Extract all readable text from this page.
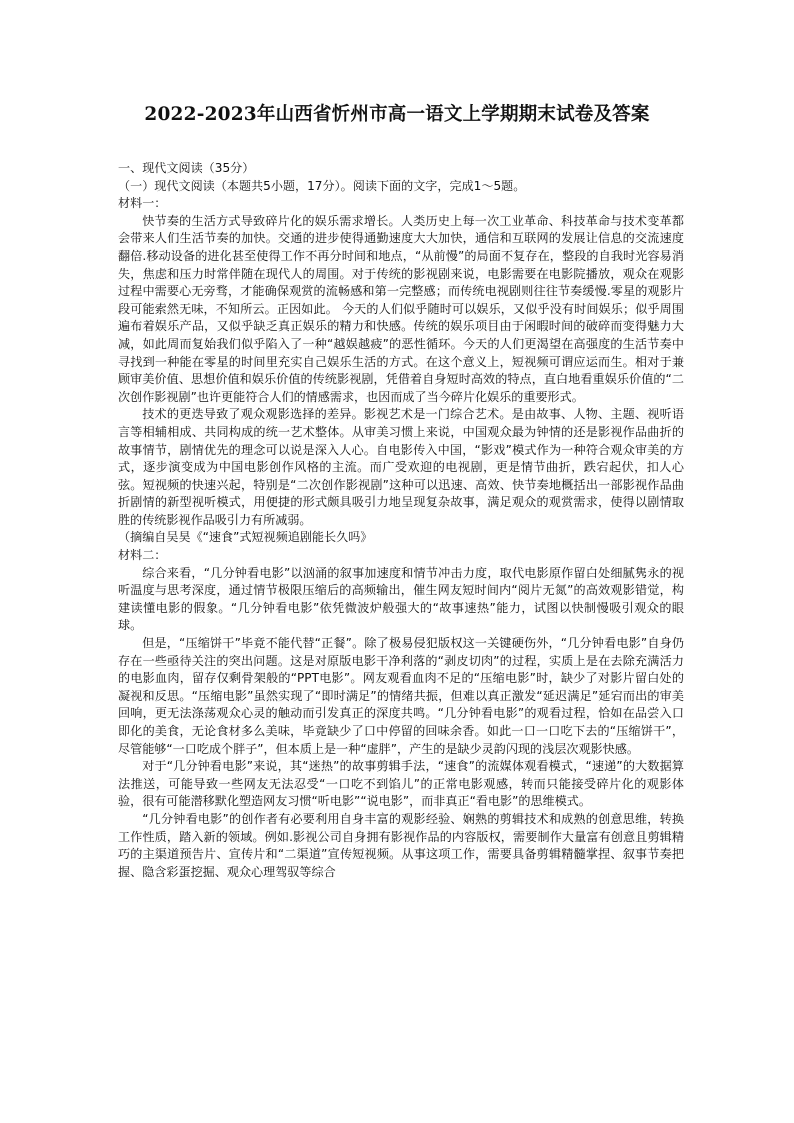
2022-2023年山西省忻州市高一语文上学期期末试卷及答案

一、现代文阅读（35分）

（一）现代文阅读（本题共5小题，17分）。阅读下面的文字，完成1～5题。

材料一：

快节奏的生活方式导致碎片化的娱乐需求增长。人类历史上每一次工业革命、科技革命与技术变革都会带来人们生活节奏的加快。交通的进步使得通勤速度大大加快，通信和互联网的发展让信息的交流速度翻倍.移动设备的进化甚至使得工作不再分时间和地点，“从前慢”的局面不复存在，整段的自我时光容易消失，焦虑和压力时常伴随在现代人的周围。对于传统的影视剧来说，电影需要在电影院播放，观众在观影过程中需要心无旁骛，才能确保观赏的流畅感和第一完整感；而传统电视剧则往往节奏缓慢.零星的观影片段可能索然无味，不知所云。正因如此。 今天的人们似乎随时可以娱乐，又似乎没有时间娱乐；似乎周围遍布着娱乐产品，又似乎缺乏真正娱乐的精力和快感。传统的娱乐项目由于闲暇时间的破碎而变得魅力大减，如此周而复始我们似乎陷入了一种“越娱越疲”的恶性循环。今天的人们更渴望在高强度的生活节奏中寻找到一种能在零星的时间里充实自己娱乐生活的方式。在这个意义上，短视频可谓应运而生。相对于兼顾审美价值、思想价值和娱乐价值的传统影视剧，凭借着自身短时高效的特点，直白地看重娱乐价值的“二次创作影视剧”也许更能符合人们的情感需求，也因而成了当今碎片化娱乐的重要形式。

技术的更迭导致了观众观影选择的差异。影视艺术是一门综合艺术。是由故事、人物、主题、视听语言等相辅相成、共同构成的统一艺术整体。从审美习惯上来说，中国观众最为钟情的还是影视作品曲折的故事情节，剧情优先的理念可以说是深入人心。自电影传入中国，“影戏”模式作为一种符合观众审美的方式，逐步演变成为中国电影创作风格的主流。而广受欢迎的电视剧，更是情节曲折，跌宕起伏，扣人心弦。短视频的快速兴起，特别是“二次创作影视剧”这种可以迅速、高效、快节奏地概括出一部影视作品曲折剧情的新型视听模式，用便捷的形式颇具吸引力地呈现复杂故事，满足观众的观赏需求，使得以剧情取胜的传统影视作品吸引力有所减弱。

（摘编自吴昊《“速食”式短视频追剧能长久吗》

材料二：

综合来看，“几分钟看电影”以汹涌的叙事加速度和情节冲击力度，取代电影原作留白处细腻隽永的视听温度与思考深度，通过情节极限压缩后的高频输出，催生网友短时间内“阅片无氮”的高效观影错觉，构建读懂电影的假象。“几分钟看电影”依凭微波炉般强大的“故事速热”能力，试图以快制慢吸引观众的眼球。

但是，“压缩饼干”毕竟不能代替“正餐”。除了极易侵犯版权这一关键硬伤外，“几分钟看电影”自身仍存在一些亟待关注的突出问题。这是对原版电影干净利落的“剥皮切肉”的过程，实质上是在去除充满活力的电影血肉，留存仅剩骨架般的“PPT电影”。网友观看血肉不足的“压缩电影”时，缺少了对影片留白处的凝视和反思。“压缩电影”虽然实现了“即时满足”的情绪共振，但难以真正激发“延迟满足”延宕而出的审美回响，更无法涤荡观众心灵的触动而引发真正的深度共鸣。“几分钟看电影”的观看过程，恰如在品尝入口即化的美食，无论食材多么美味，毕竟缺少了口中停留的回味余香。如此一口一口吃下去的“压缩饼干”，尽管能够“一口吃成个胖子”，但本质上是一种“虚胖”，产生的是缺少灵韵闪现的浅层次观影快感。

对于“几分钟看电影”来说，其“迷热”的故事剪辑手法，“速食”的流媒体观看模式，“速递”的大数据算法推送，可能导致一些网友无法忍受“一口吃不到馅儿”的正常电影观感，转而只能接受碎片化的观影体验，很有可能潜移默化塑造网友习惯“听电影”“说电影”，而非真正“看电影”的思维模式。

“几分钟看电影”的创作者有必要利用自身丰富的观影经验、娴熟的剪辑技术和成熟的创意思维，转换工作性质，踏入新的领域。例如.影视公司自身拥有影视作品的内容版权，需要制作大量富有创意且剪辑精巧的主渠道预告片、宣传片和“二渠道”宣传短视频。从事这项工作，需要具备剪辑精髓掌捏、叙事节奏把握、隐含彩蛋挖掘、观众心理驾驭等综合
